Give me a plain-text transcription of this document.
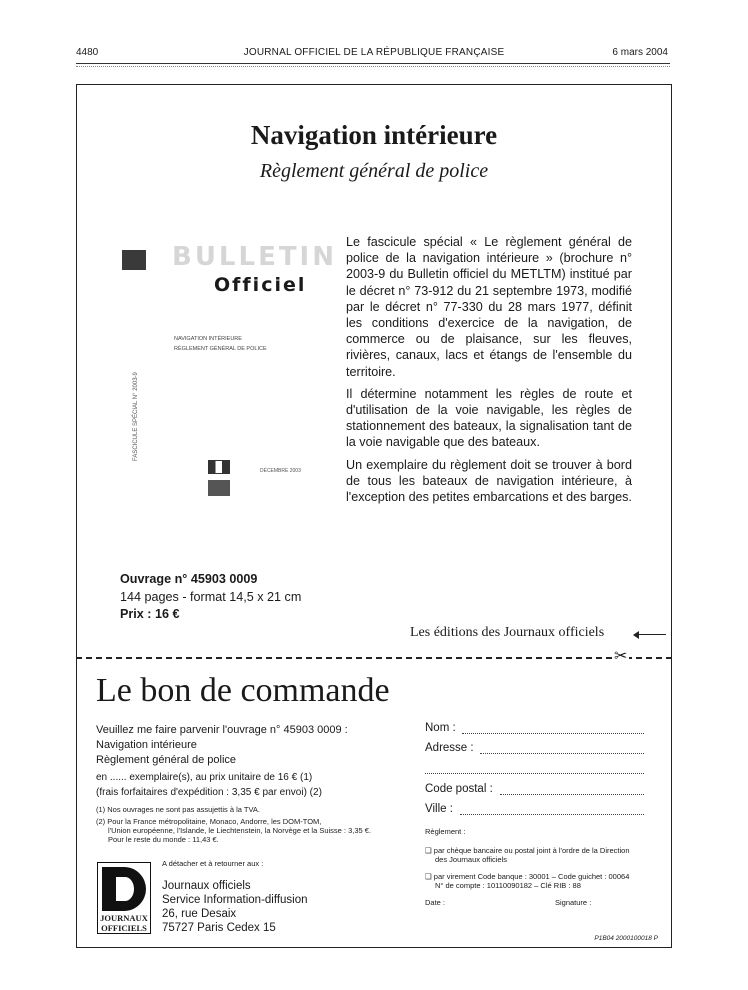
4480	JOURNAL OFFICIEL DE LA RÉPUBLIQUE FRANÇAISE	6 mars 2004
Navigation intérieure
Règlement général de police
BULLETIN
Officiel
FASCICULE SPÉCIAL N° 2003-9
NAVIGATION INTÉRIEURE
RÈGLEMENT GÉNÉRAL DE POLICE
DÉCEMBRE 2003

Le fascicule spécial « Le règlement général de police de la navigation intérieure » (brochure n° 2003-9 du Bulletin officiel du METLTM) institué par le décret n° 73-912 du 21 septembre 1973, modifié par le décret n° 77-330 du 28 mars 1977, définit les conditions d'exercice de la navigation, de commerce ou de plaisance, sur les fleuves, rivières, canaux, lacs et étangs de l'ensemble du territoire.

Il détermine notamment les règles de route et d'utilisation de la voie navigable, les règles de stationnement des bateaux, la signalisation tant de la voie navigable que des bateaux.

Un exemplaire du règlement doit se trouver à bord de tous les bateaux de navigation intérieure, à l'exception des petites embarcations et des barges.

Ouvrage n° 45903 0009
144 pages - format 14,5 x 21 cm
Prix : 16 €
Les éditions des Journaux officiels
✂
Le bon de commande
Veuillez me faire parvenir l'ouvrage n° 45903 0009 :
Navigation intérieure
Règlement général de police
en ...... exemplaire(s), au prix unitaire de 16 € (1)
(frais forfaitaires d'expédition : 3,35 € par envoi) (2)
(1) Nos ouvrages ne sont pas assujettis à la TVA.
(2) Pour la France métropolitaine, Monaco, Andorre, les DOM-TOM,
l'Union européenne, l'Islande, le Liechtenstein, la Norvège et la Suisse : 3,35 €.
Pour le reste du monde : 11,43 €.
A détacher et à retourner aux :
JOURNAUX
OFFICIELS
Journaux officiels
Service Information-diffusion
26, rue Desaix
75727 Paris Cedex 15
Nom :
Adresse :
Code postal :
Ville :
Règlement :
❑ par chèque bancaire ou postal joint à l'ordre de la Direction
des Journaux officiels
❑ par virement Code banque : 30001 – Code guichet : 00064
N° de compte : 10110090182 – Clé RIB : 88
Date :	Signature :
P1B04 2000100018 P
